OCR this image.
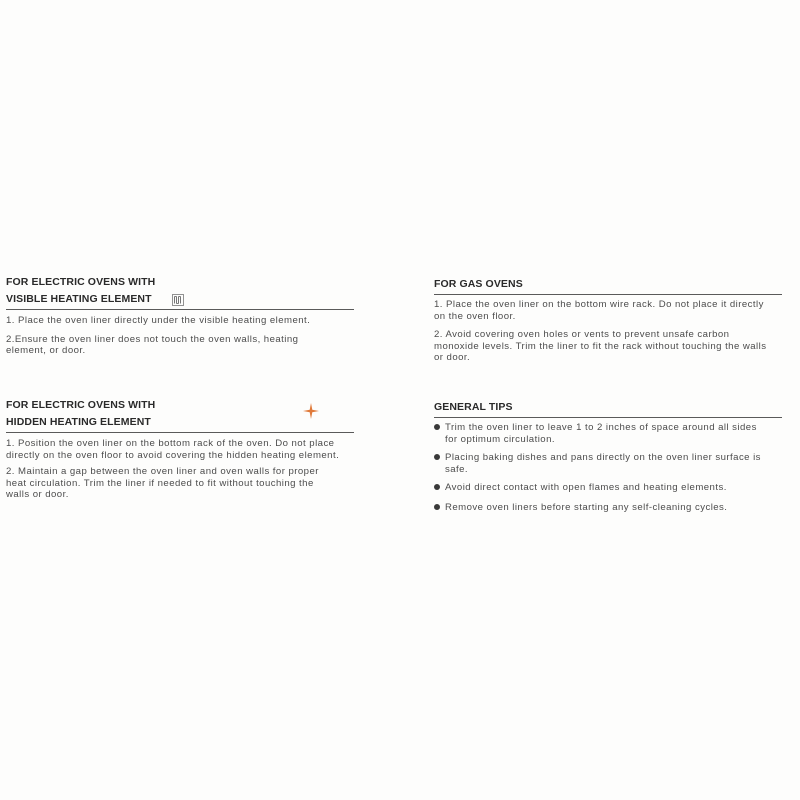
FOR ELECTRIC OVENS WITH
VISIBLE HEATING ELEMENT

1. Place the oven liner directly under the visible heating element.

2.Ensure the oven liner does not touch the oven walls, heating element, or door.

FOR ELECTRIC OVENS WITH
HIDDEN HEATING ELEMENT

1. Position the oven liner on the bottom rack of the oven. Do not place directly on the oven floor to avoid covering the hidden heating element.

2. Maintain a gap between the oven liner and oven walls for proper heat circulation. Trim the liner if needed to fit without touching the walls or door.

FOR GAS OVENS

1. Place the oven liner on the bottom wire rack. Do not place it directly on the oven floor.

2. Avoid covering oven holes or vents to prevent unsafe carbon monoxide levels. Trim the liner to fit the rack without touching the walls or door.

GENERAL TIPS
Trim the oven liner to leave 1 to 2 inches of space around all sides for optimum circulation.
Placing baking dishes and pans directly on the oven liner surface is safe.
Avoid direct contact with open flames and heating elements.
Remove oven liners before starting any self-cleaning cycles.
